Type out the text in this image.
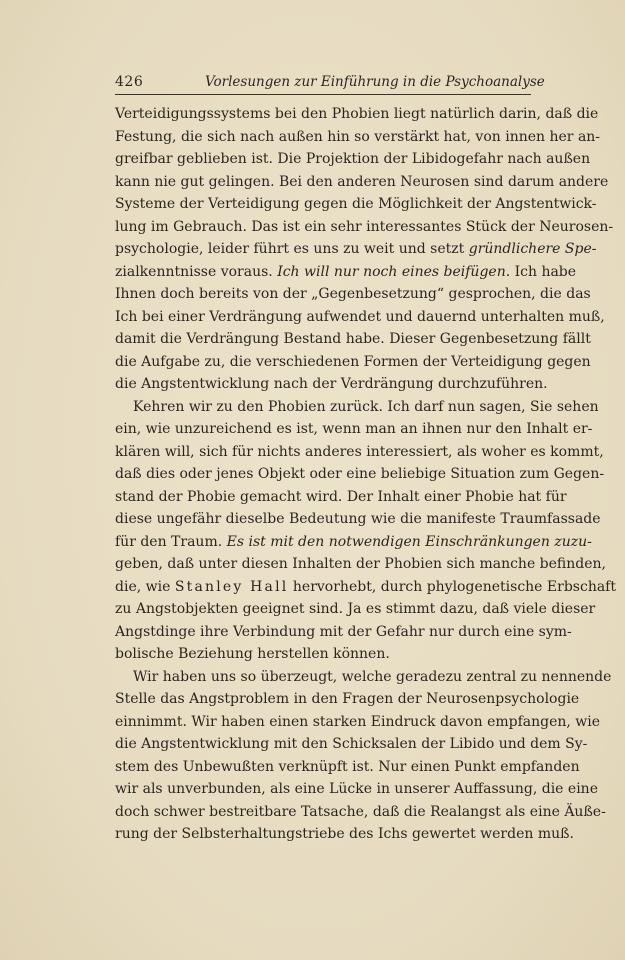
426	Vorlesungen zur Einführung in die Psychoanalyse
Verteidigungssystems bei den Phobien liegt natürlich darin, daß die
Festung, die sich nach außen hin so verstärkt hat, von innen her an-
greifbar geblieben ist. Die Projektion der Libidogefahr nach außen
kann nie gut gelingen. Bei den anderen Neurosen sind darum andere
Systeme der Verteidigung gegen die Möglichkeit der Angstentwick-
lung im Gebrauch. Das ist ein sehr interessantes Stück der Neurosen-
psychologie, leider führt es uns zu weit und setzt gründlichere Spe-
zialkenntnisse voraus. Ich will nur noch eines beifügen. Ich habe
Ihnen doch bereits von der „Gegenbesetzung“ gesprochen, die das
Ich bei einer Verdrängung aufwendet und dauernd unterhalten muß,
damit die Verdrängung Bestand habe. Dieser Gegenbesetzung fällt
die Aufgabe zu, die verschiedenen Formen der Verteidigung gegen
die Angstentwicklung nach der Verdrängung durchzuführen.
Kehren wir zu den Phobien zurück. Ich darf nun sagen, Sie sehen
ein, wie unzureichend es ist, wenn man an ihnen nur den Inhalt er-
klären will, sich für nichts anderes interessiert, als woher es kommt,
daß dies oder jenes Objekt oder eine beliebige Situation zum Gegen-
stand der Phobie gemacht wird. Der Inhalt einer Phobie hat für
diese ungefähr dieselbe Bedeutung wie die manifeste Traumfassade
für den Traum. Es ist mit den notwendigen Einschränkungen zuzu-
geben, daß unter diesen Inhalten der Phobien sich manche befinden,
die, wie Stanley Hall hervorhebt, durch phylogenetische Erbschaft
zu Angstobjekten geeignet sind. Ja es stimmt dazu, daß viele dieser
Angstdinge ihre Verbindung mit der Gefahr nur durch eine sym-
bolische Beziehung herstellen können.
Wir haben uns so überzeugt, welche geradezu zentral zu nennende
Stelle das Angstproblem in den Fragen der Neurosenpsychologie
einnimmt. Wir haben einen starken Eindruck davon empfangen, wie
die Angstentwicklung mit den Schicksalen der Libido und dem Sy-
stem des Unbewußten verknüpft ist. Nur einen Punkt empfanden
wir als unverbunden, als eine Lücke in unserer Auffassung, die eine
doch schwer bestreitbare Tatsache, daß die Realangst als eine Äuße-
rung der Selbsterhaltungstriebe des Ichs gewertet werden muß.
